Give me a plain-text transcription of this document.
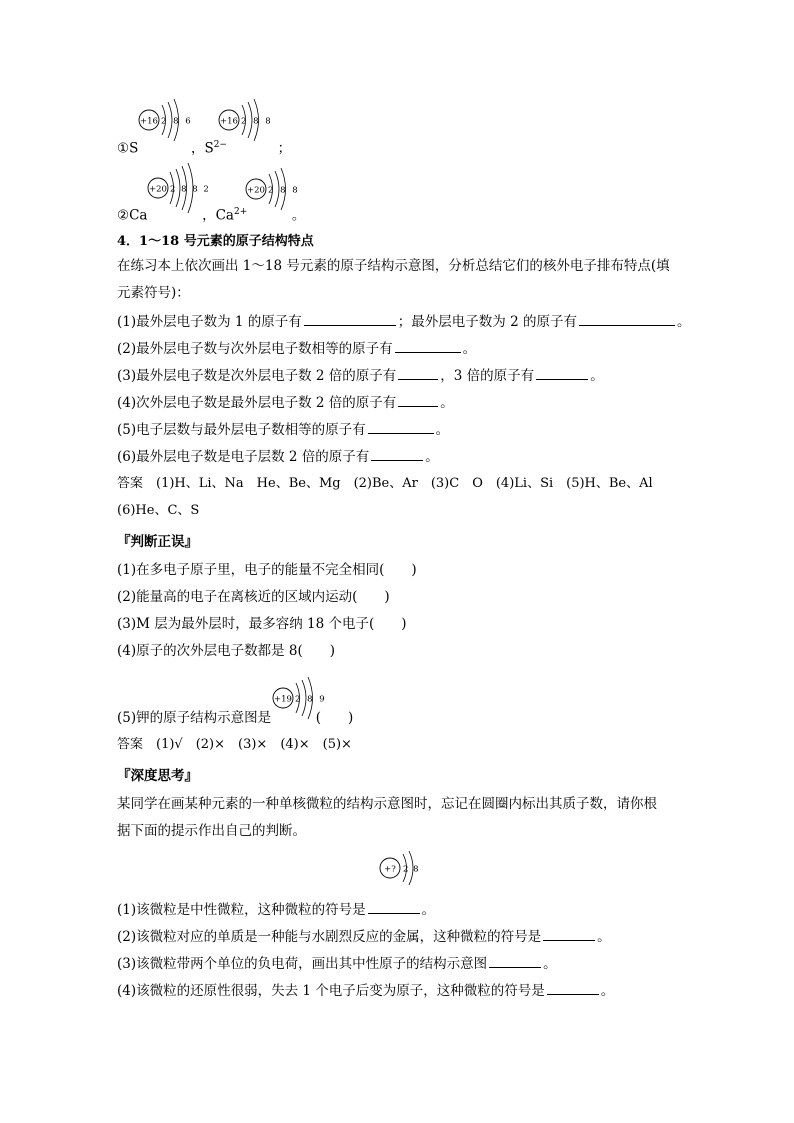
+16 2 8 6	+16 2 8 8
①S	，$S^{2-}$	；
+20 2 8 8 2	+20 2 8 8
②Ca	，$Ca^{2+}$	。
4．1～18 号元素的原子结构特点
在练习本上依次画出 1～18 号元素的原子结构示意图，分析总结它们的核外电子排布特点(填
元素符号)：
(1)最外层电子数为 1 的原子有	；最外层电子数为 2 的原子有	。
(2)最外层电子数与次外层电子数相等的原子有	。
(3)最外层电子数是次外层电子数 2 倍的原子有	，3 倍的原子有	。
(4)次外层电子数是最外层电子数 2 倍的原子有	。
(5)电子层数与最外层电子数相等的原子有	。
(6)最外层电子数是电子层数 2 倍的原子有	。
答案　(1)H、Li、Na　He、Be、Mg　(2)Be、Ar　(3)C　O　(4)Li、Si　(5)H、Be、Al
(6)He、C、S
『判断正误』
(1)在多电子原子里，电子的能量不完全相同(　　)
(2)能量高的电子在离核近的区域内运动(　　)
(3)M 层为最外层时，最多容纳 18 个电子(　　)
(4)原子的次外层电子数都是 8(　　)
+19 2 8 9
(5)钾的原子结构示意图是	(　　)
答案　(1)√　(2)×　(3)×　(4)×　(5)×
『深度思考』
某同学在画某种元素的一种单核微粒的结构示意图时，忘记在圆圈内标出其质子数，请你根
据下面的提示作出自己的判断。
+? 2 8
(1)该微粒是中性微粒，这种微粒的符号是	。
(2)该微粒对应的单质是一种能与水剧烈反应的金属，这种微粒的符号是	。
(3)该微粒带两个单位的负电荷，画出其中性原子的结构示意图	。
(4)该微粒的还原性很弱，失去 1 个电子后变为原子，这种微粒的符号是	。
